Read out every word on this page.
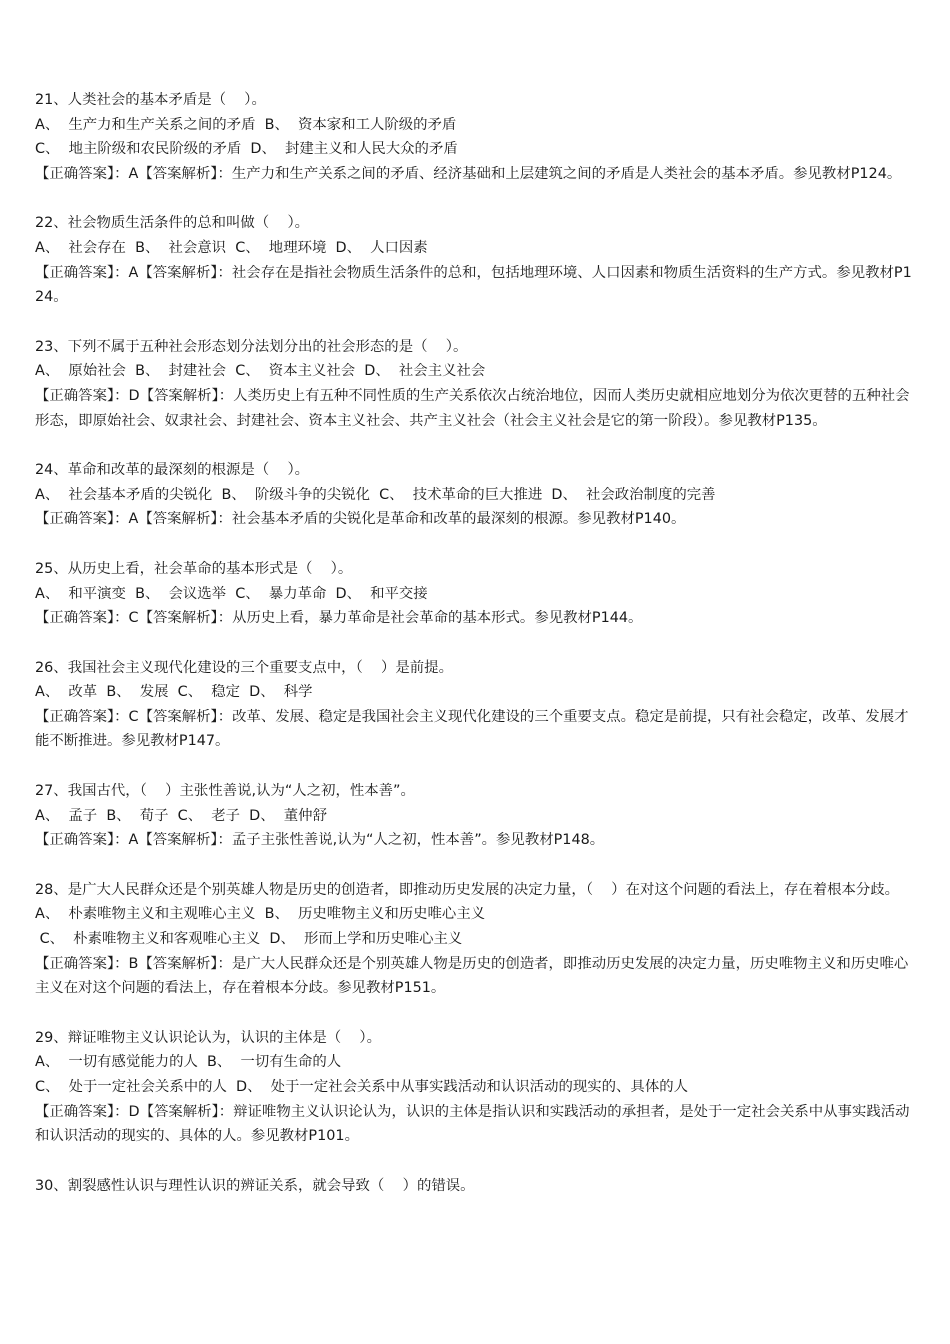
21、人类社会的基本矛盾是（    ）。
A、  生产力和生产关系之间的矛盾  B、  资本家和工人阶级的矛盾
C、  地主阶级和农民阶级的矛盾  D、  封建主义和人民大众的矛盾
【正确答案】：A【答案解析】：生产力和生产关系之间的矛盾、经济基础和上层建筑之间的矛盾是人类社会的基本矛盾。参见教材P124。
22、社会物质生活条件的总和叫做（    ）。
A、  社会存在  B、  社会意识  C、  地理环境  D、  人口因素
【正确答案】：A【答案解析】：社会存在是指社会物质生活条件的总和，包括地理环境、人口因素和物质生活资料的生产方式。参见教材P124。
23、下列不属于五种社会形态划分法划分出的社会形态的是（    ）。
A、  原始社会  B、  封建社会  C、  资本主义社会  D、  社会主义社会
【正确答案】：D【答案解析】：人类历史上有五种不同性质的生产关系依次占统治地位，因而人类历史就相应地划分为依次更替的五种社会形态，即原始社会、奴隶社会、封建社会、资本主义社会、共产主义社会（社会主义社会是它的第一阶段）。参见教材P135。
24、革命和改革的最深刻的根源是（    ）。
A、  社会基本矛盾的尖锐化  B、  阶级斗争的尖锐化  C、  技术革命的巨大推进  D、  社会政治制度的完善
【正确答案】：A【答案解析】：社会基本矛盾的尖锐化是革命和改革的最深刻的根源。参见教材P140。
25、从历史上看，社会革命的基本形式是（    ）。
A、  和平演变  B、  会议选举  C、  暴力革命  D、  和平交接
【正确答案】：C【答案解析】：从历史上看，暴力革命是社会革命的基本形式。参见教材P144。
26、我国社会主义现代化建设的三个重要支点中，（    ）是前提。
A、  改革  B、  发展  C、  稳定  D、  科学
【正确答案】：C【答案解析】：改革、发展、稳定是我国社会主义现代化建设的三个重要支点。稳定是前提，只有社会稳定，改革、发展才能不断推进。参见教材P147。
27、我国古代，（    ）主张性善说,认为“人之初，性本善”。
A、  孟子  B、  荀子  C、  老子  D、  董仲舒
【正确答案】：A【答案解析】：孟子主张性善说,认为“人之初，性本善”。参见教材P148。
28、是广大人民群众还是个别英雄人物是历史的创造者，即推动历史发展的决定力量，（    ）在对这个问题的看法上，存在着根本分歧。
A、  朴素唯物主义和主观唯心主义  B、  历史唯物主义和历史唯心主义
C、  朴素唯物主义和客观唯心主义  D、  形而上学和历史唯心主义
【正确答案】：B【答案解析】：是广大人民群众还是个别英雄人物是历史的创造者，即推动历史发展的决定力量，历史唯物主义和历史唯心主义在对这个问题的看法上，存在着根本分歧。参见教材P151。
29、辩证唯物主义认识论认为，认识的主体是（    ）。
A、  一切有感觉能力的人  B、  一切有生命的人
C、  处于一定社会关系中的人  D、  处于一定社会关系中从事实践活动和认识活动的现实的、具体的人
【正确答案】：D【答案解析】：辩证唯物主义认识论认为，认识的主体是指认识和实践活动的承担者，是处于一定社会关系中从事实践活动和认识活动的现实的、具体的人。参见教材P101。
30、割裂感性认识与理性认识的辨证关系，就会导致（    ）的错误。
